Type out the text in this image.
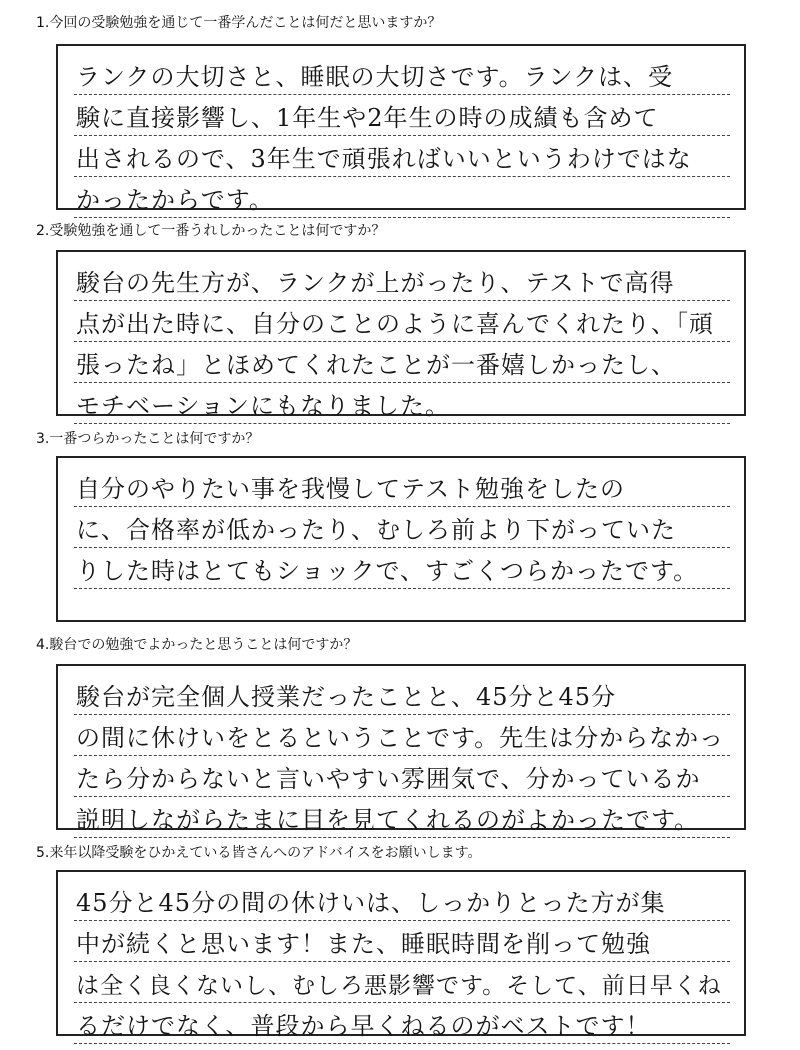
1.今回の受験勉強を通じて一番学んだことは何だと思いますか？
ランクの大切さと、睡眠の大切さです。ランクは、受
験に直接影響し、1年生や2年生の時の成績も含めて
出されるので、3年生で頑張ればいいというわけではな
かったからです。
2.受験勉強を通して一番うれしかったことは何ですか？
駿台の先生方が、ランクが上がったり、テストで高得
点が出た時に、自分のことのように喜んでくれたり、「頑
張ったね」とほめてくれたことが一番嬉しかったし、
モチベーションにもなりました。
3.一番つらかったことは何ですか？
自分のやりたい事を我慢してテスト勉強をしたの
に、合格率が低かったり、むしろ前より下がっていた
りした時はとてもショックで、すごくつらかったです。
4.駿台での勉強でよかったと思うことは何ですか？
駿台が完全個人授業だったことと、45分と45分
の間に休けいをとるということです。先生は分からなかっ
たら分からないと言いやすい雰囲気で、分かっているか
説明しながらたまに目を見てくれるのがよかったです。
5.来年以降受験をひかえている皆さんへのアドバイスをお願いします。
45分と45分の間の休けいは、しっかりとった方が集
中が続くと思います！また、睡眠時間を削って勉強
は全く良くないし、むしろ悪影響です。そして、前日早くね
るだけでなく、普段から早くねるのがベストです！
